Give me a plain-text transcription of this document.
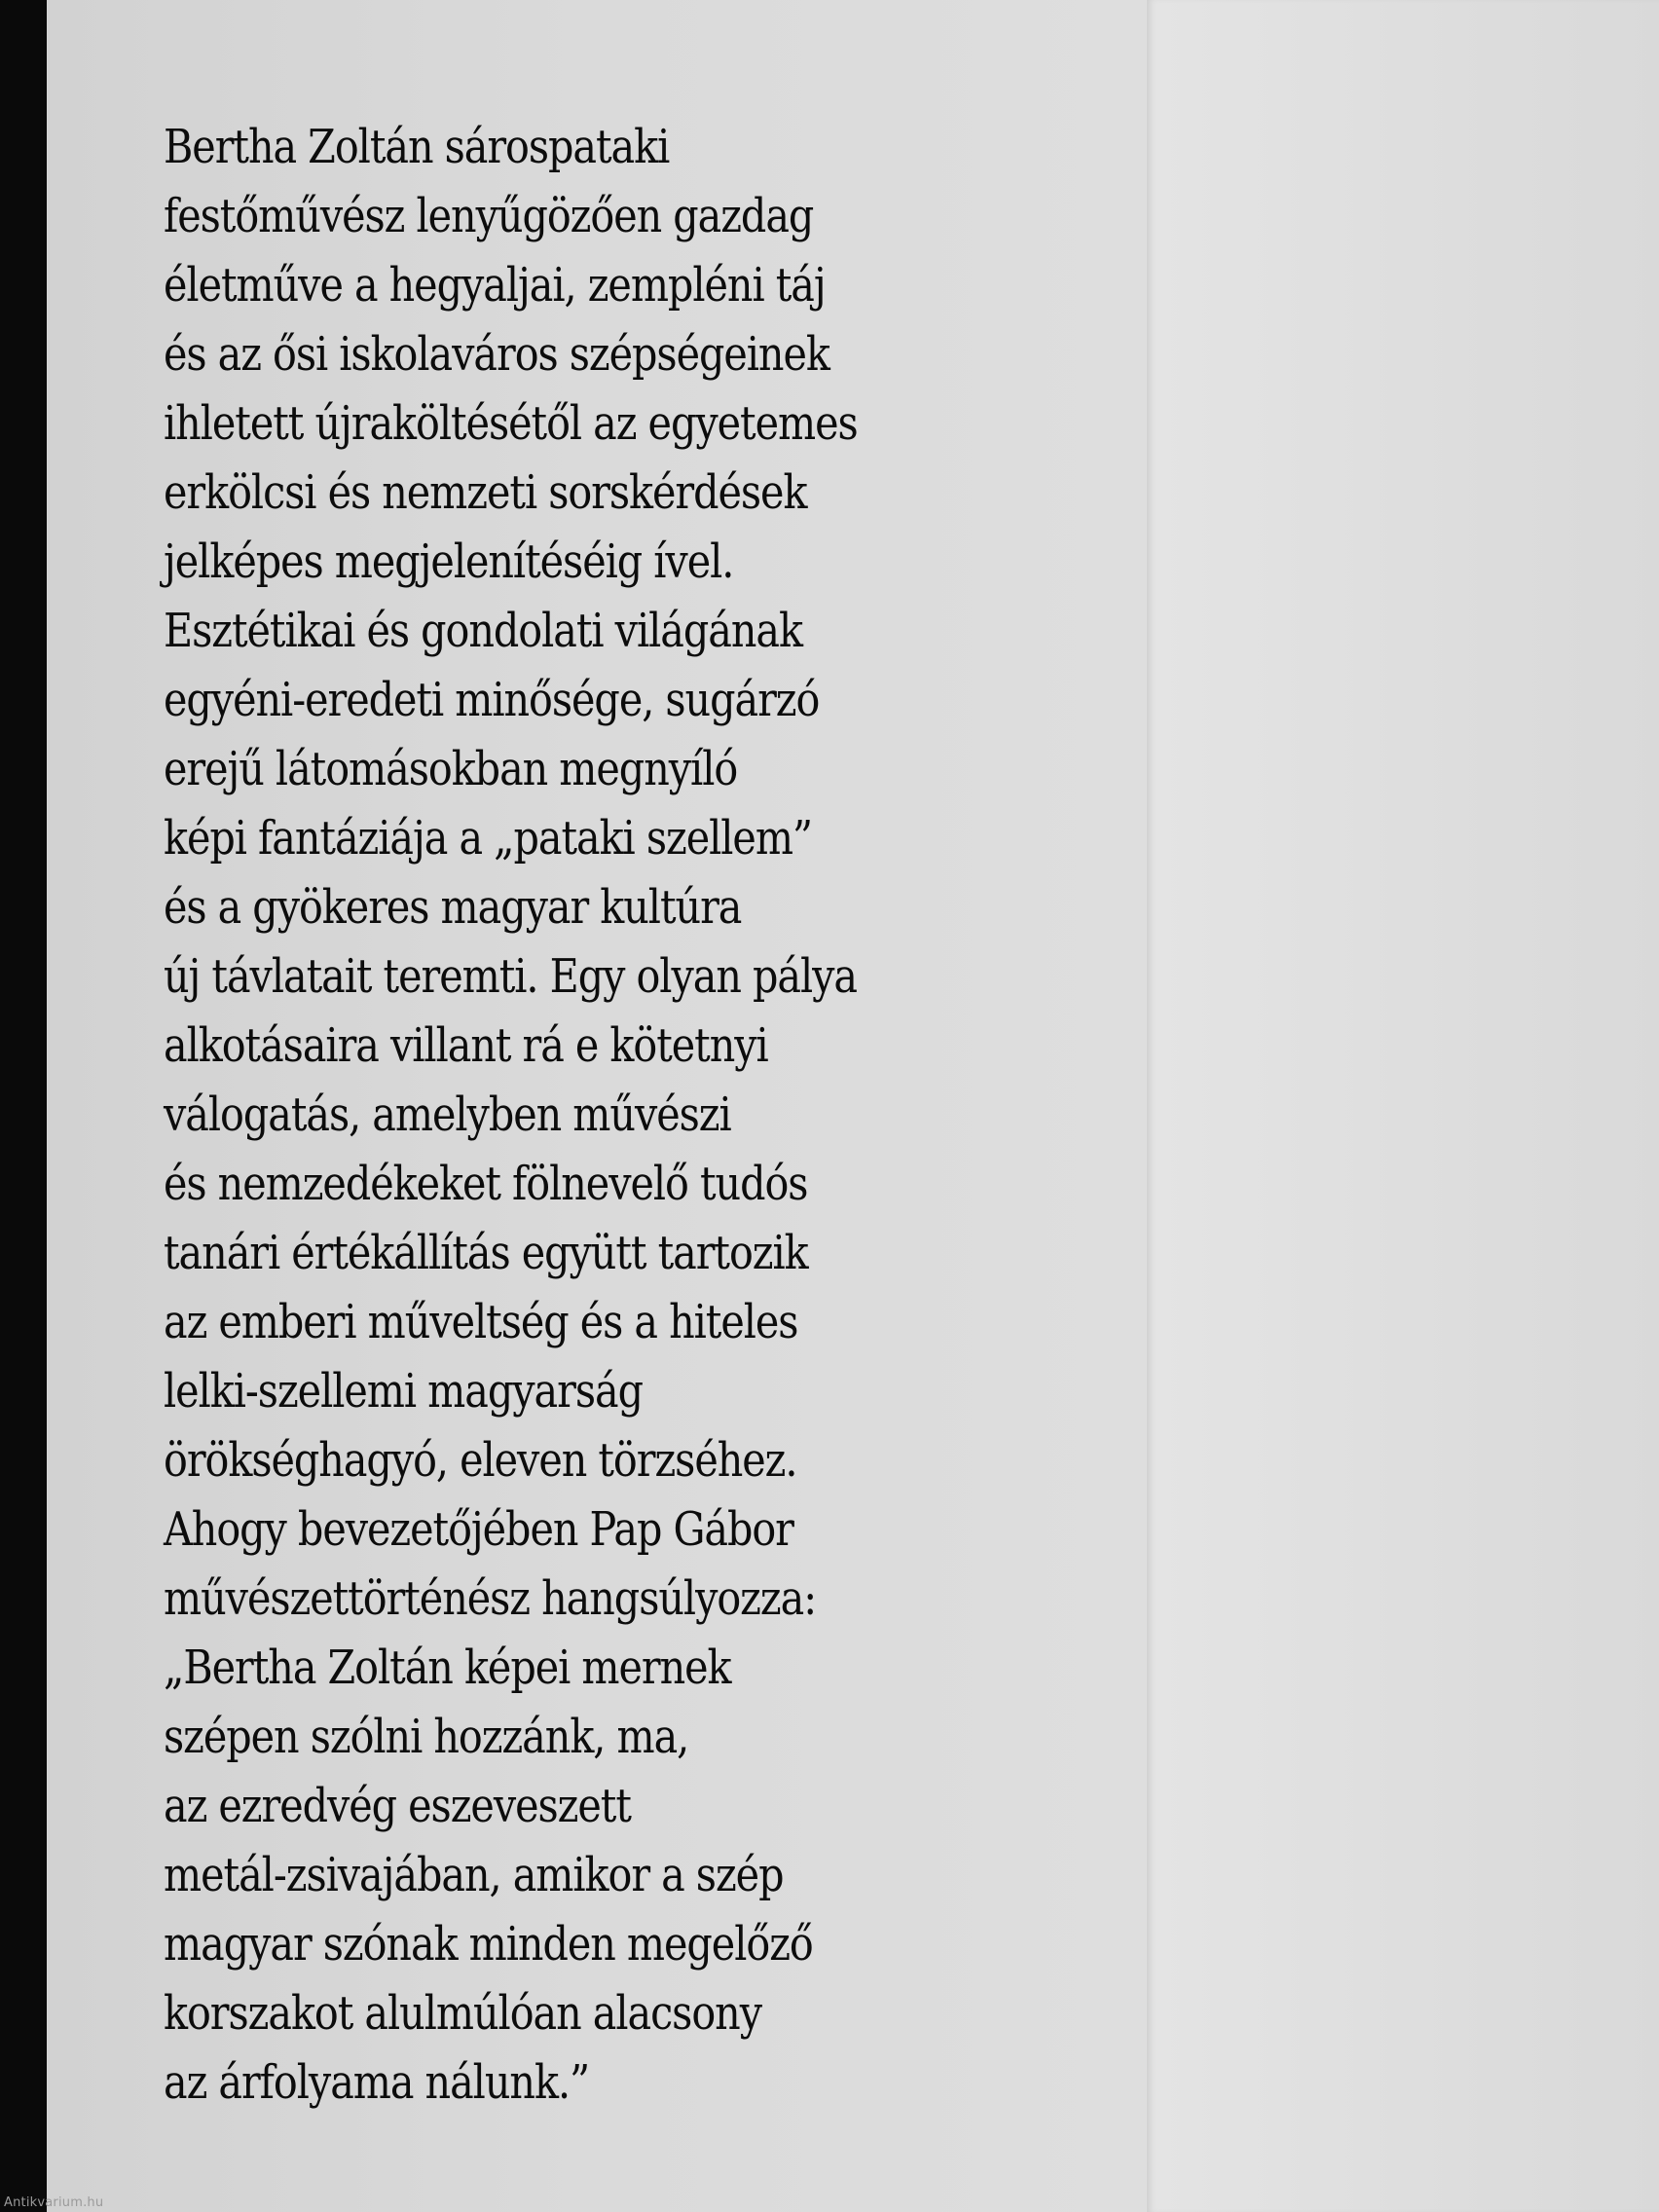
Bertha Zoltán sárospataki
festőművész lenyűgözően gazdag
életműve a hegyaljai, zempléni táj
és az ősi iskolaváros szépségeinek
ihletett újraköltésétől az egyetemes
erkölcsi és nemzeti sorskérdések
jelképes megjelenítéséig ível.
Esztétikai és gondolati világának
egyéni-eredeti minősége, sugárzó
erejű látomásokban megnyíló
képi fantáziája a „pataki szellem”
és a gyökeres magyar kultúra
új távlatait teremti. Egy olyan pálya
alkotásaira villant rá e kötetnyi
válogatás, amelyben művészi
és nemzedékeket fölnevelő tudós
tanári értékállítás együtt tartozik
az emberi műveltség és a hiteles
lelki-szellemi magyarság
örökséghagyó, eleven törzséhez.
Ahogy bevezetőjében Pap Gábor
művészettörténész hangsúlyozza:
„Bertha Zoltán képei mernek
szépen szólni hozzánk, ma,
az ezredvég eszeveszett
metál-zsivajában, amikor a szép
magyar szónak minden megelőző
korszakot alulmúlóan alacsony
az árfolyama nálunk.”
Antikvarium.hu
